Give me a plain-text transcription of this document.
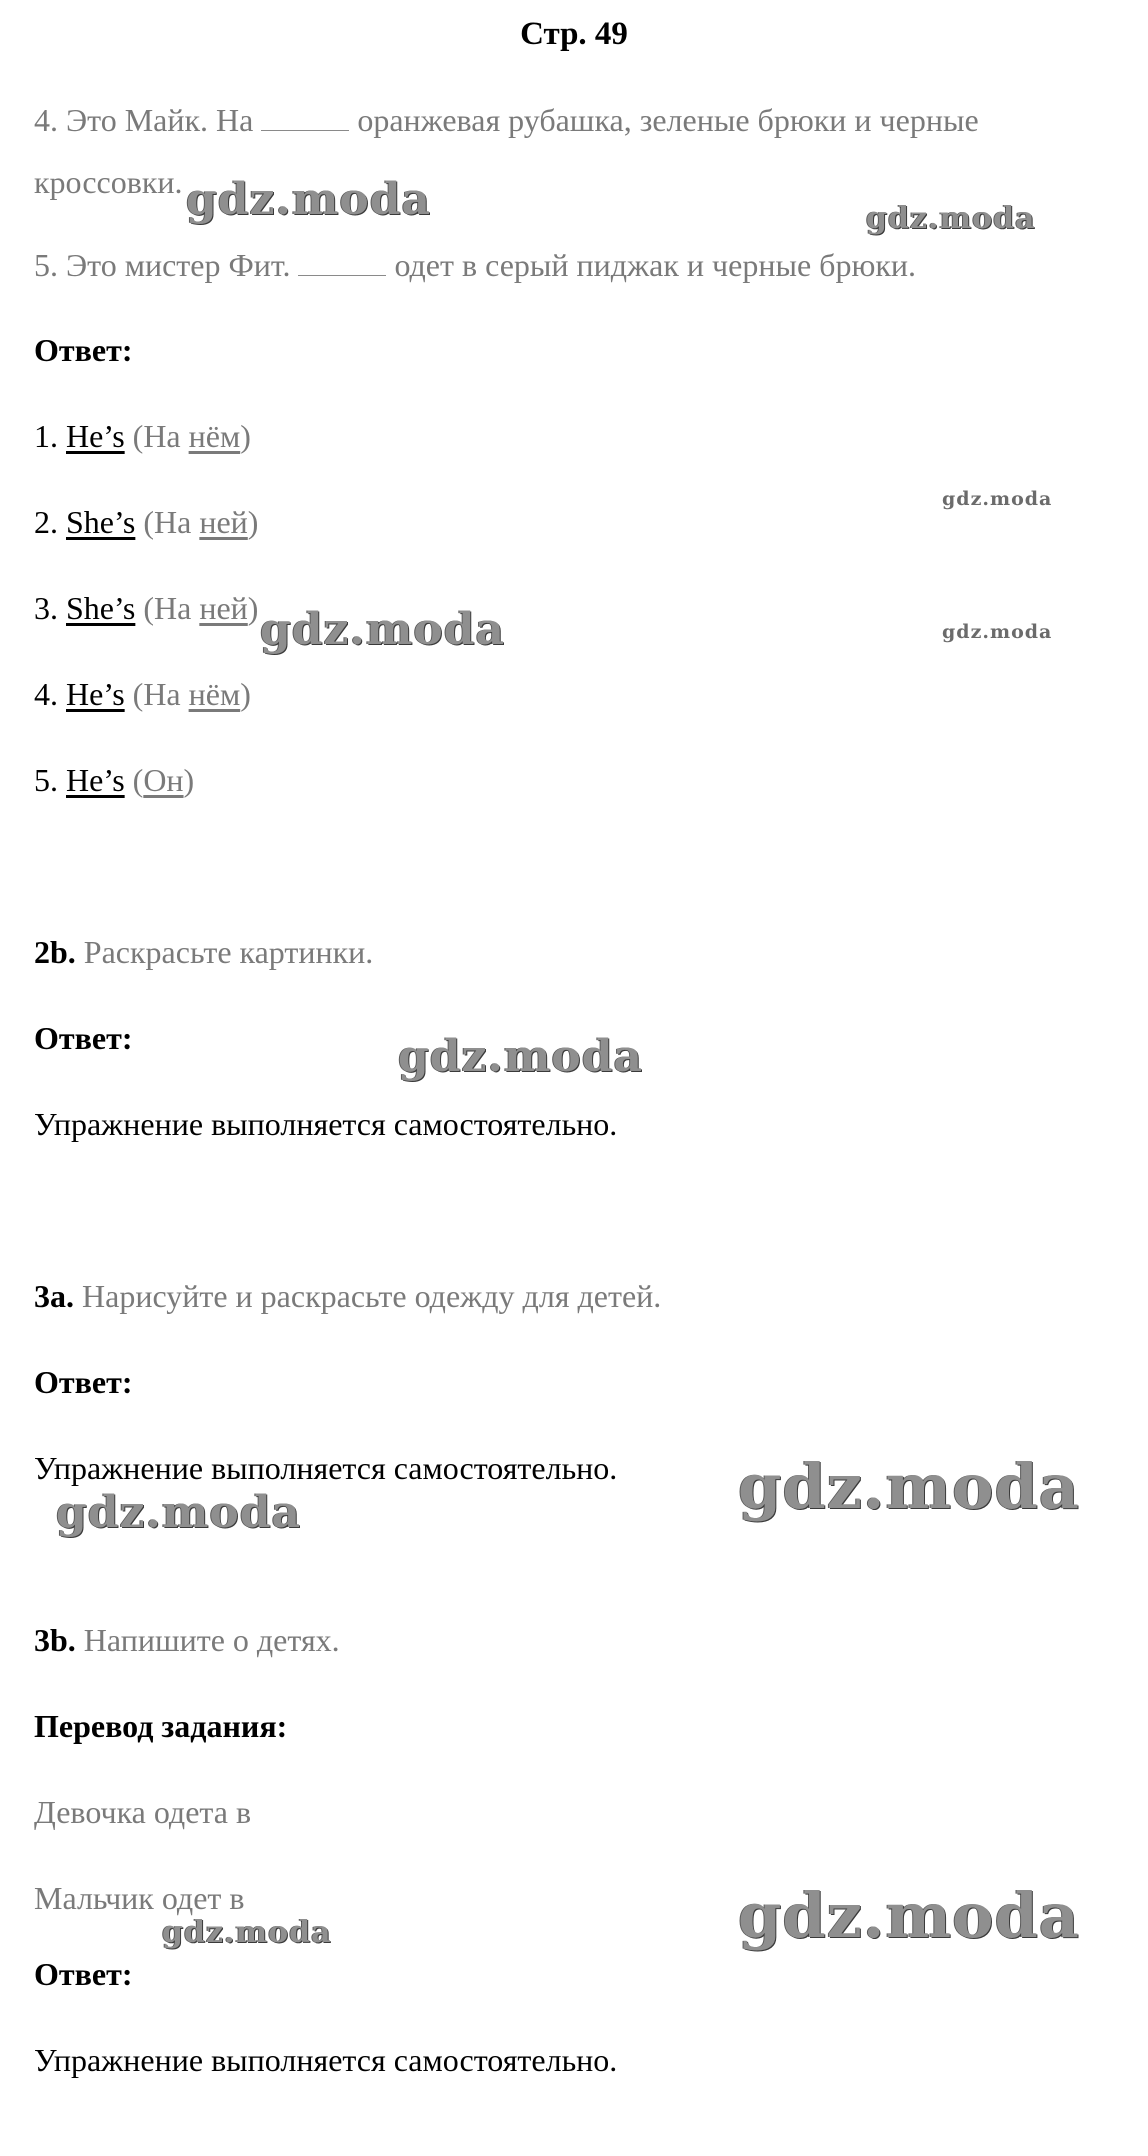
Стр. 49
4. Это Майк. На	оранжевая рубашка, зеленые брюки и черные
кроссовки.
5. Это мистер Фит.	одет в серый пиджак и черные брюки.
Ответ:
1. He’s (На нём)
2. She’s (На ней)
3. She’s (На ней)
4. He’s (На нём)
5. He’s (Он)
2b. Раскрасьте картинки.
Ответ:
Упражнение выполняется самостоятельно.
3a. Нарисуйте и раскрасьте одежду для детей.
Ответ:
Упражнение выполняется самостоятельно.
3b. Напишите о детях.
Перевод задания:
Девочка одета в
Мальчик одет в
Ответ:
Упражнение выполняется самостоятельно.
gdz.moda	gdz.moda
gdz.moda
gdz.moda	gdz.moda
gdz.moda
gdz.moda
gdz.moda
gdz.moda
gdz.moda
